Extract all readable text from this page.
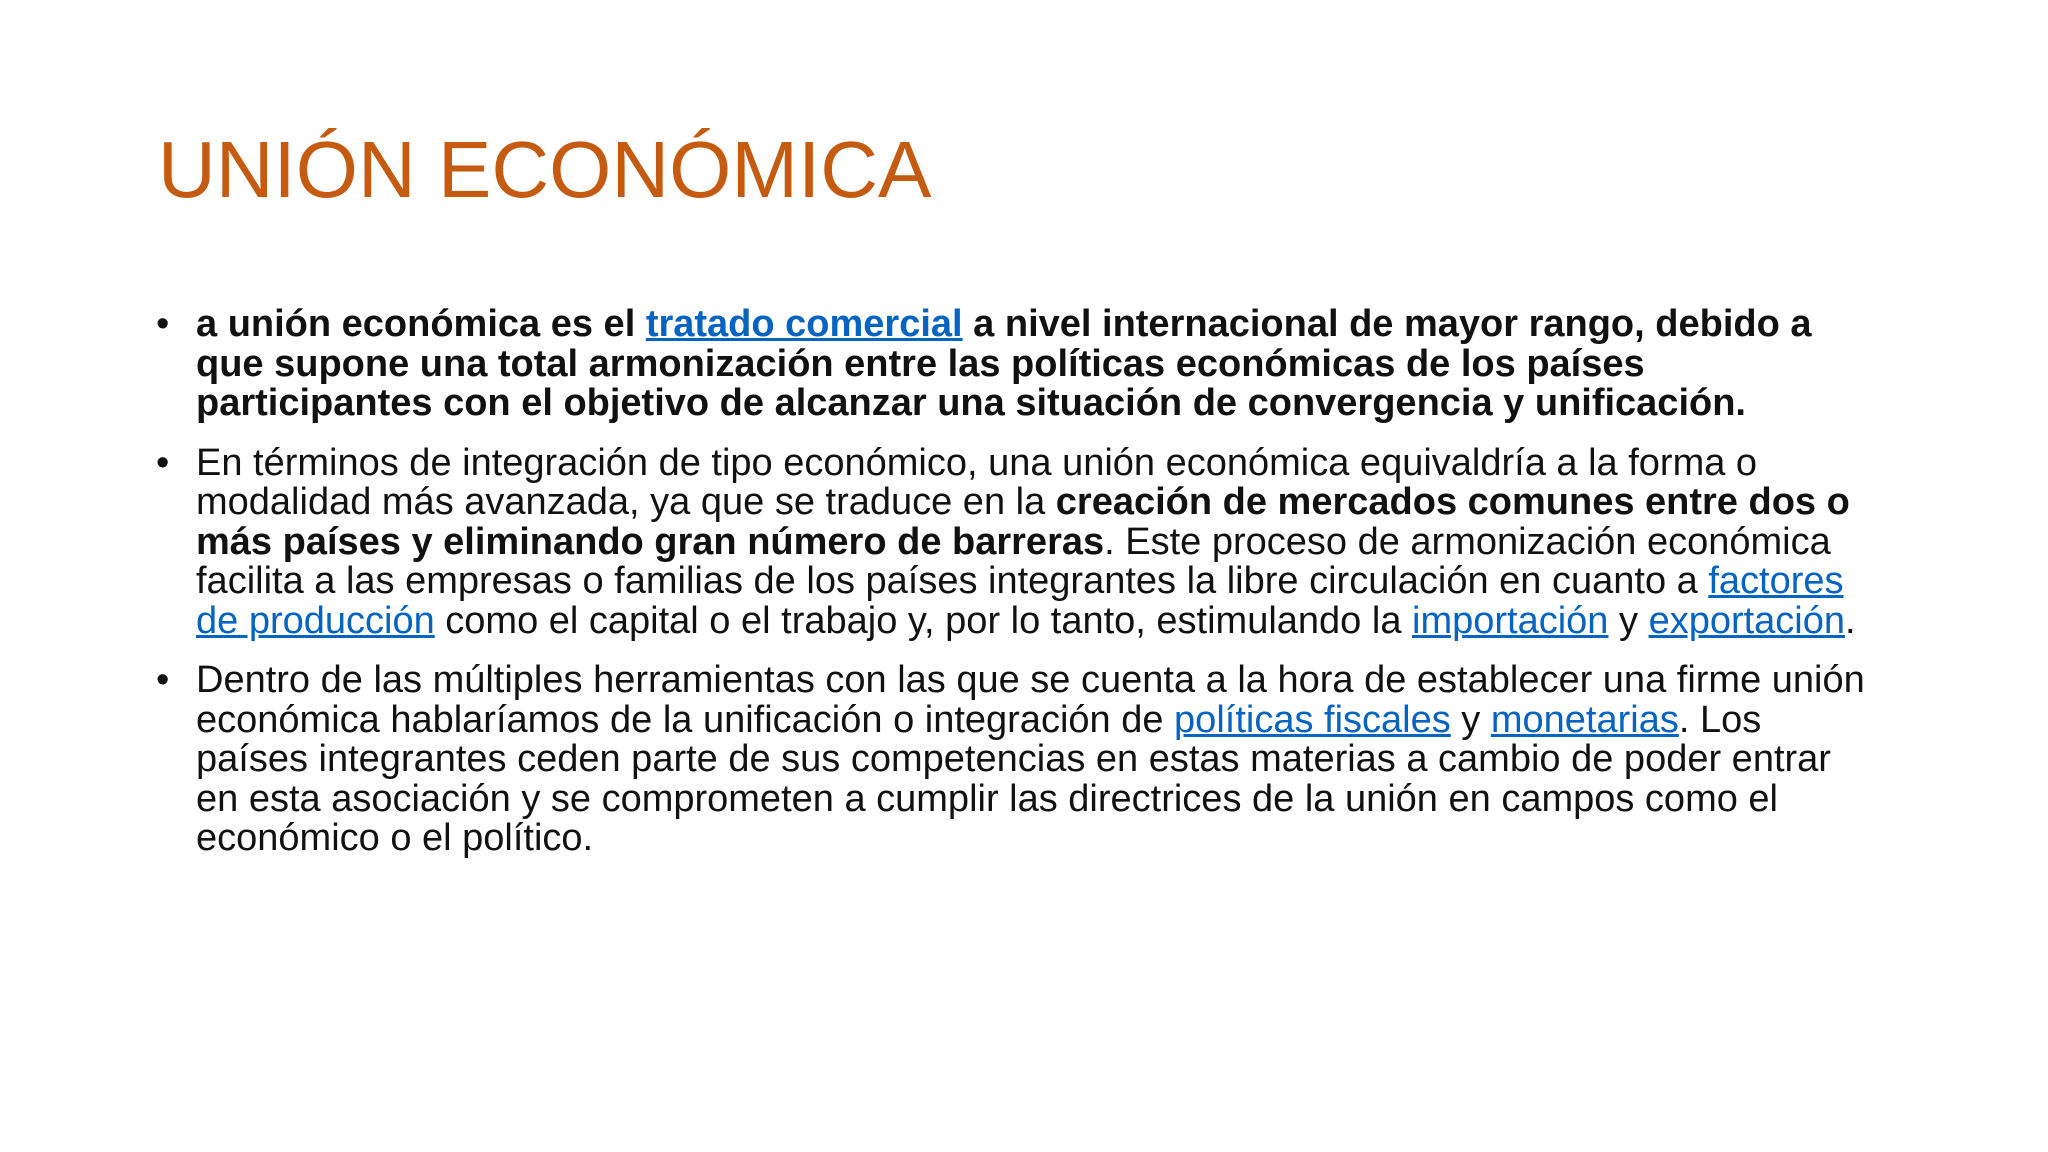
UNIÓN ECONÓMICA
• a unión económica es el tratado comercial a nivel internacional de mayor rango, debido a que supone una total armonización entre las políticas económicas de los países participantes con el objetivo de alcanzar una situación de convergencia y unificación.
• En términos de integración de tipo económico, una unión económica equivaldría a la forma o modalidad más avanzada, ya que se traduce en la creación de mercados comunes entre dos o más países y eliminando gran número de barreras. Este proceso de armonización económica facilita a las empresas o familias de los países integrantes la libre circulación en cuanto a factores de producción como el capital o el trabajo y, por lo tanto, estimulando la importación y exportación.
• Dentro de las múltiples herramientas con las que se cuenta a la hora de establecer una firme unión económica hablaríamos de la unificación o integración de políticas fiscales y monetarias. Los países integrantes ceden parte de sus competencias en estas materias a cambio de poder entrar en esta asociación y se comprometen a cumplir las directrices de la unión en campos como el económico o el político.
